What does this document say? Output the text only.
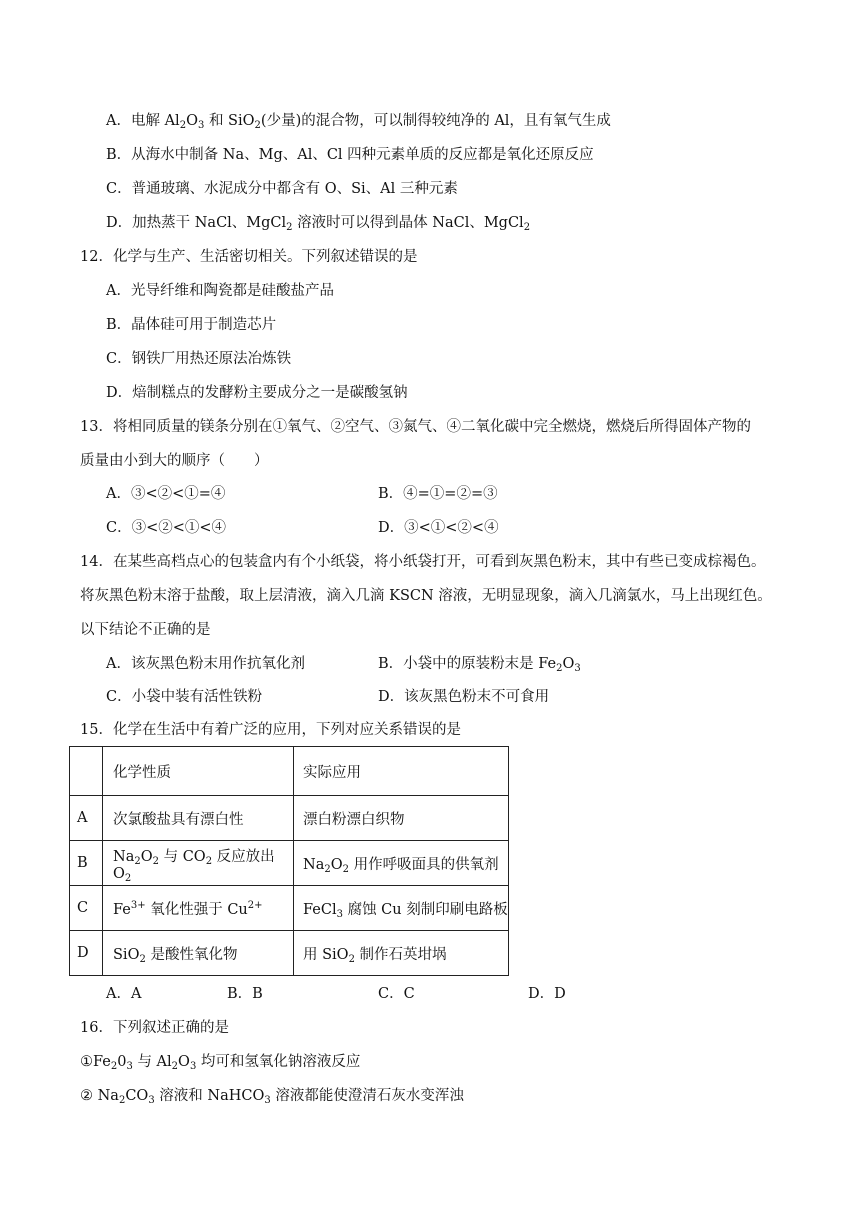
A．电解 $Al_2O_3$ 和 SiO$_2$(少量)的混合物，可以制得较纯净的 Al，且有氧气生成
B．从海水中制备 Na、Mg、Al、Cl 四种元素单质的反应都是氧化还原反应
C．普通玻璃、水泥成分中都含有 O、Si、Al 三种元素
D．加热蒸干 NaCl、MgCl$_2$ 溶液时可以得到晶体 NaCl、MgCl$_2$
12．化学与生产、生活密切相关。下列叙述错误的是
A．光导纤维和陶瓷都是硅酸盐产品
B．晶体硅可用于制造芯片
C．钢铁厂用热还原法冶炼铁
D．焙制糕点的发酵粉主要成分之一是碳酸氢钠
13．将相同质量的镁条分别在①氧气、②空气、③氮气、④二氧化碳中完全燃烧，燃烧后所得固体产物的
质量由小到大的顺序（　　）
A．③<②<①=④	B．④=①=②=③
C．③<②<①<④	D．③<①<②<④
14．在某些高档点心的包装盒内有个小纸袋，将小纸袋打开，可看到灰黑色粉末，其中有些已变成棕褐色。
将灰黑色粉末溶于盐酸，取上层清液，滴入几滴 KSCN 溶液，无明显现象，滴入几滴氯水，马上出现红色。
以下结论不正确的是
A．该灰黑色粉末用作抗氧化剂	B．小袋中的原装粉末是 $Fe_2O_3$
C．小袋中装有活性铁粉	D．该灰黑色粉末不可食用
15．化学在生活中有着广泛的应用，下列对应关系错误的是
	化学性质	实际应用
A	次氯酸盐具有漂白性	漂白粉漂白织物
B	$Na_2O_2$ 与 $CO_2$ 反应放出 $O_2$	$Na_2O_2$ 用作呼吸面具的供氧剂
C	$Fe^{3+}$ 氧化性强于 $Cu^{2+}$	FeCl$_3$ 腐蚀 Cu 刻制印刷电路板
D	SiO$_2$ 是酸性氧化物	用 SiO$_2$ 制作石英坩埚
A．A	B．B	C．C	D．D
16．下列叙述正确的是
$①Fe_20_3$ 与 $Al_2O_3$ 均可和氢氧化钠溶液反应
② $Na_2CO_3$ 溶液和 NaHCO$_3$ 溶液都能使澄清石灰水变浑浊
